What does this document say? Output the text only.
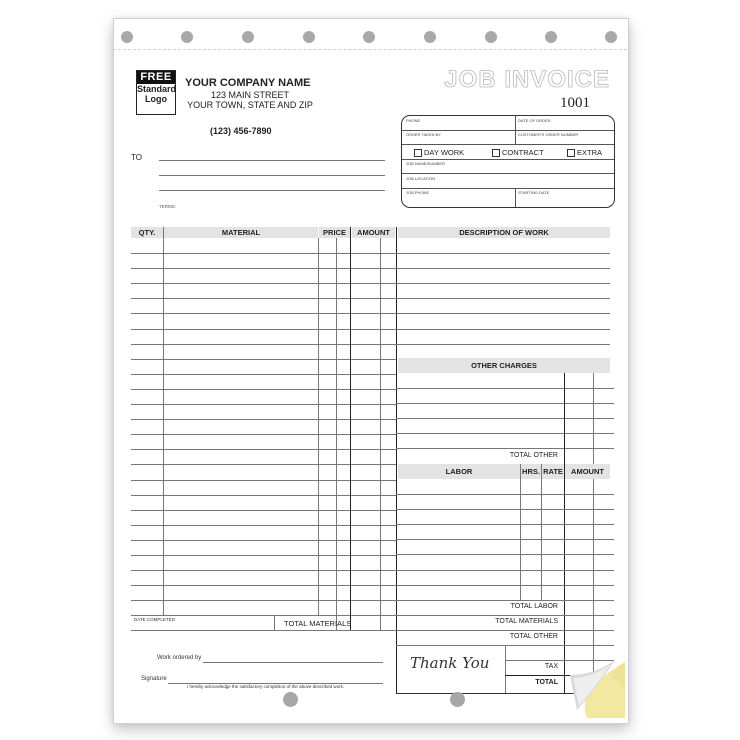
FREE
Standard
Logo
YOUR COMPANY NAME
123 MAIN STREET
YOUR TOWN, STATE AND ZIP
(123) 456-7890
JOB INVOICE
1001
PHONE	DATE OF ORDER
ORDER TAKEN BY	CUSTOMER'S ORDER NUMBER
DAY WORK	CONTRACT	EXTRA
JOB NAME/NUMBER
JOB LOCATION
JOB PHONE	STARTING DATE
TO
TERMS:
QTY.	MATERIAL	PRICE	AMOUNT
DATE COMPLETED	TOTAL MATERIALS
DESCRIPTION OF WORK
OTHER CHARGES
TOTAL OTHER
LABOR	HRS. RATE	AMOUNT
TOTAL LABOR
TOTAL MATERIALS
TOTAL OTHER
TAX
TOTAL
Thank You
Work ordered by
Signature
I hereby acknowledge the satisfactory completion of the above described work.
